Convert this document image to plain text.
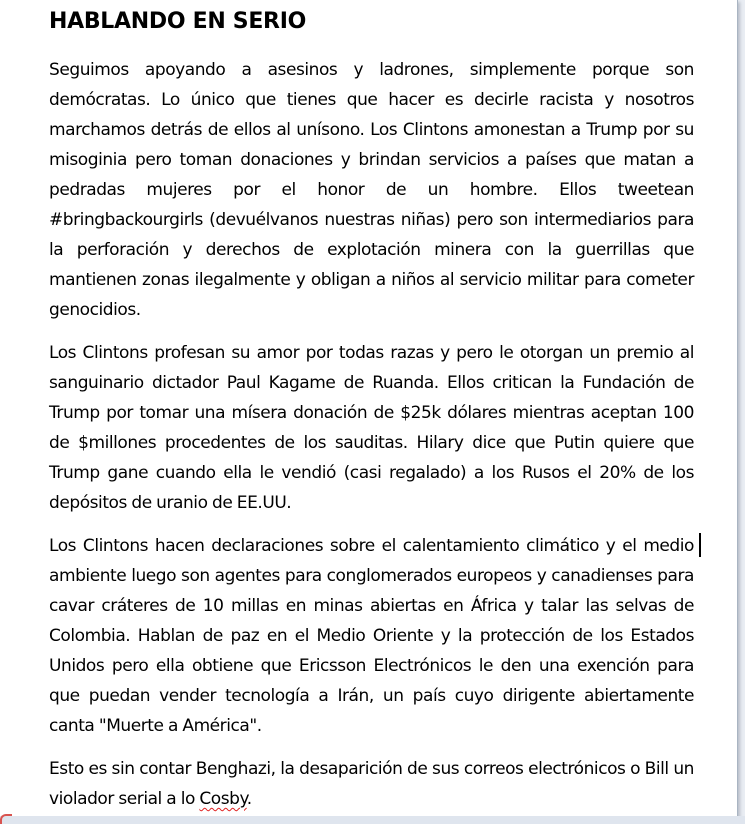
HABLANDO EN SERIO

Seguimos apoyando a asesinos y ladrones, simplemente porque son demócratas. Lo único que tienes que hacer es decirle racista y nosotros marchamos detrás de ellos al unísono. Los Clintons amonestan a Trump por su misoginia pero toman donaciones y brindan servicios a países que matan a pedradas mujeres por el honor de un hombre. Ellos tweetean #bringbackourgirls (devuélvanos nuestras niñas) pero son intermediarios para la perforación y derechos de explotación minera con la guerrillas que mantienen zonas ilegalmente y obligan a niños al servicio militar para cometer genocidios.

Los Clintons profesan su amor por todas razas y pero le otorgan un premio al sanguinario dictador Paul Kagame de Ruanda. Ellos critican la Fundación de Trump por tomar una mísera donación de $25k dólares mientras aceptan 100 de $millones procedentes de los sauditas. Hilary dice que Putin quiere que Trump gane cuando ella le vendió (casi regalado) a los Rusos el 20% de los depósitos de uranio de EE.UU.

Los Clintons hacen declaraciones sobre el calentamiento climático y el medio ambiente luego son agentes para conglomerados europeos y canadienses para cavar cráteres de 10 millas en minas abiertas en África y talar las selvas de Colombia. Hablan de paz en el Medio Oriente y la protección de los Estados Unidos pero ella obtiene que Ericsson Electrónicos le den una exención para que puedan vender tecnología a Irán, un país cuyo dirigente abiertamente canta "Muerte a América".

Esto es sin contar Benghazi, la desaparición de sus correos electrónicos o Bill un violador serial a lo Cosby.
